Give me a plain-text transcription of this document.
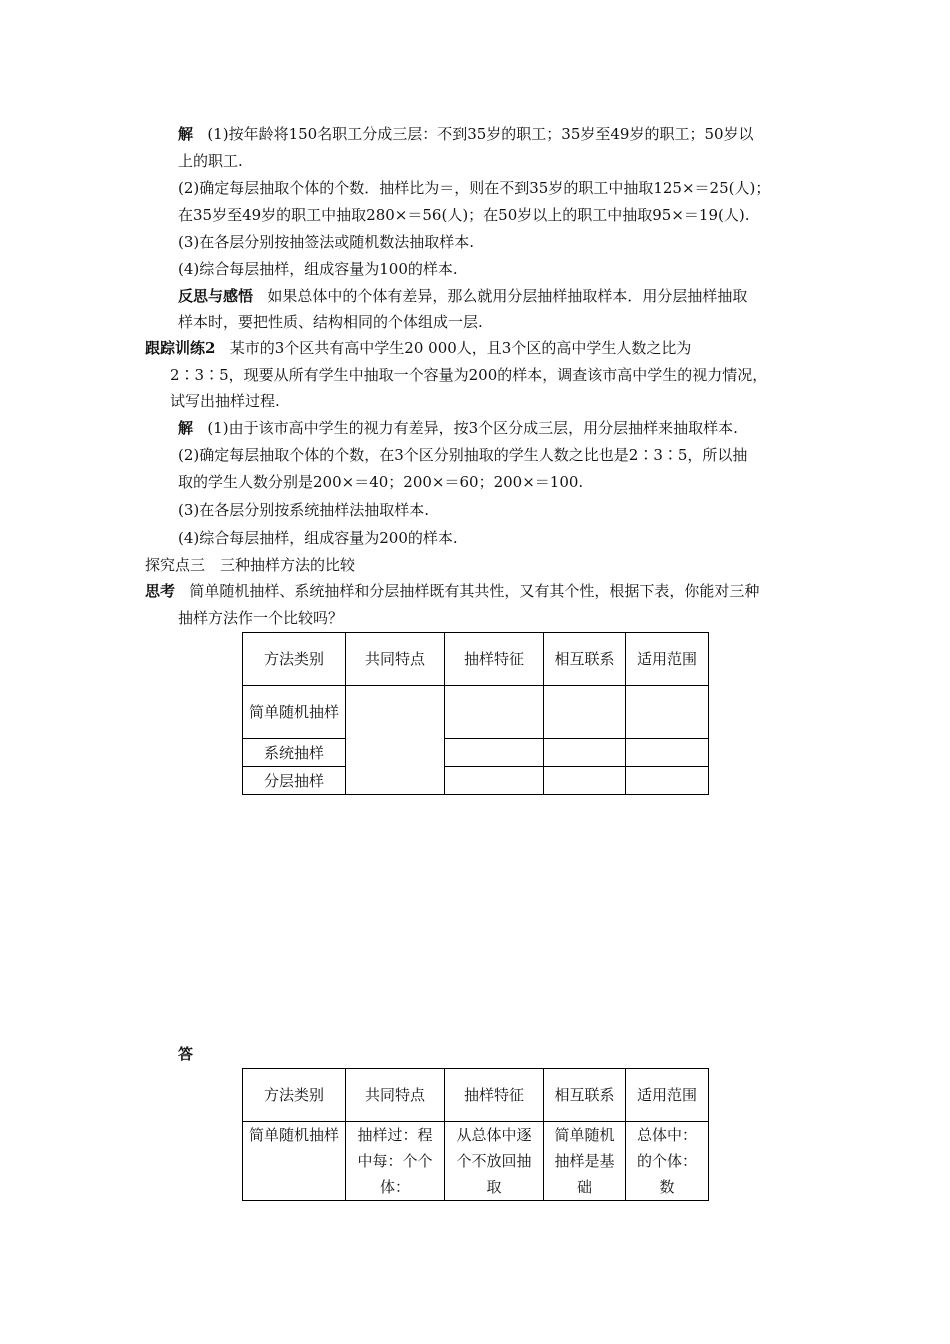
解 (1)按年龄将150名职工分成三层：不到35岁的职工；35岁至49岁的职工；50岁以
上的职工.
(2)确定每层抽取个体的个数．抽样比为＝，则在不到35岁的职工中抽取125×＝25(人)；
在35岁至49岁的职工中抽取280×＝56(人)；在50岁以上的职工中抽取95×＝19(人).
(3)在各层分别按抽签法或随机数法抽取样本.
(4)综合每层抽样，组成容量为100的样本.
反思与感悟 如果总体中的个体有差异，那么就用分层抽样抽取样本．用分层抽样抽取
样本时，要把性质、结构相同的个体组成一层.
跟踪训练2 某市的3个区共有高中学生20 000人，且3个区的高中学生人数之比为
2∶3∶5，现要从所有学生中抽取一个容量为200的样本，调查该市高中学生的视力情况，
试写出抽样过程.
解 (1)由于该市高中学生的视力有差异，按3个区分成三层，用分层抽样来抽取样本.
(2)确定每层抽取个体的个数，在3个区分别抽取的学生人数之比也是2∶3∶5，所以抽
取的学生人数分别是200×＝40；200×＝60；200×＝100.
(3)在各层分别按系统抽样法抽取样本.
(4)综合每层抽样，组成容量为200的样本.
探究点三　三种抽样方法的比较
思考 简单随机抽样、系统抽样和分层抽样既有其共性，又有其个性，根据下表，你能对三种
抽样方法作一个比较吗？
方法类别	共同特点	抽样特征	相互联系	适用范围
简单随机抽样				
系统抽样				
分层抽样				
答
方法类别	共同特点	抽样特征	相互联系	适用范围
简单随机抽样	抽样过：程中每：个个体：	从总体中逐个不放回抽取	简单随机抽样是基础	总体中：的个体：数
